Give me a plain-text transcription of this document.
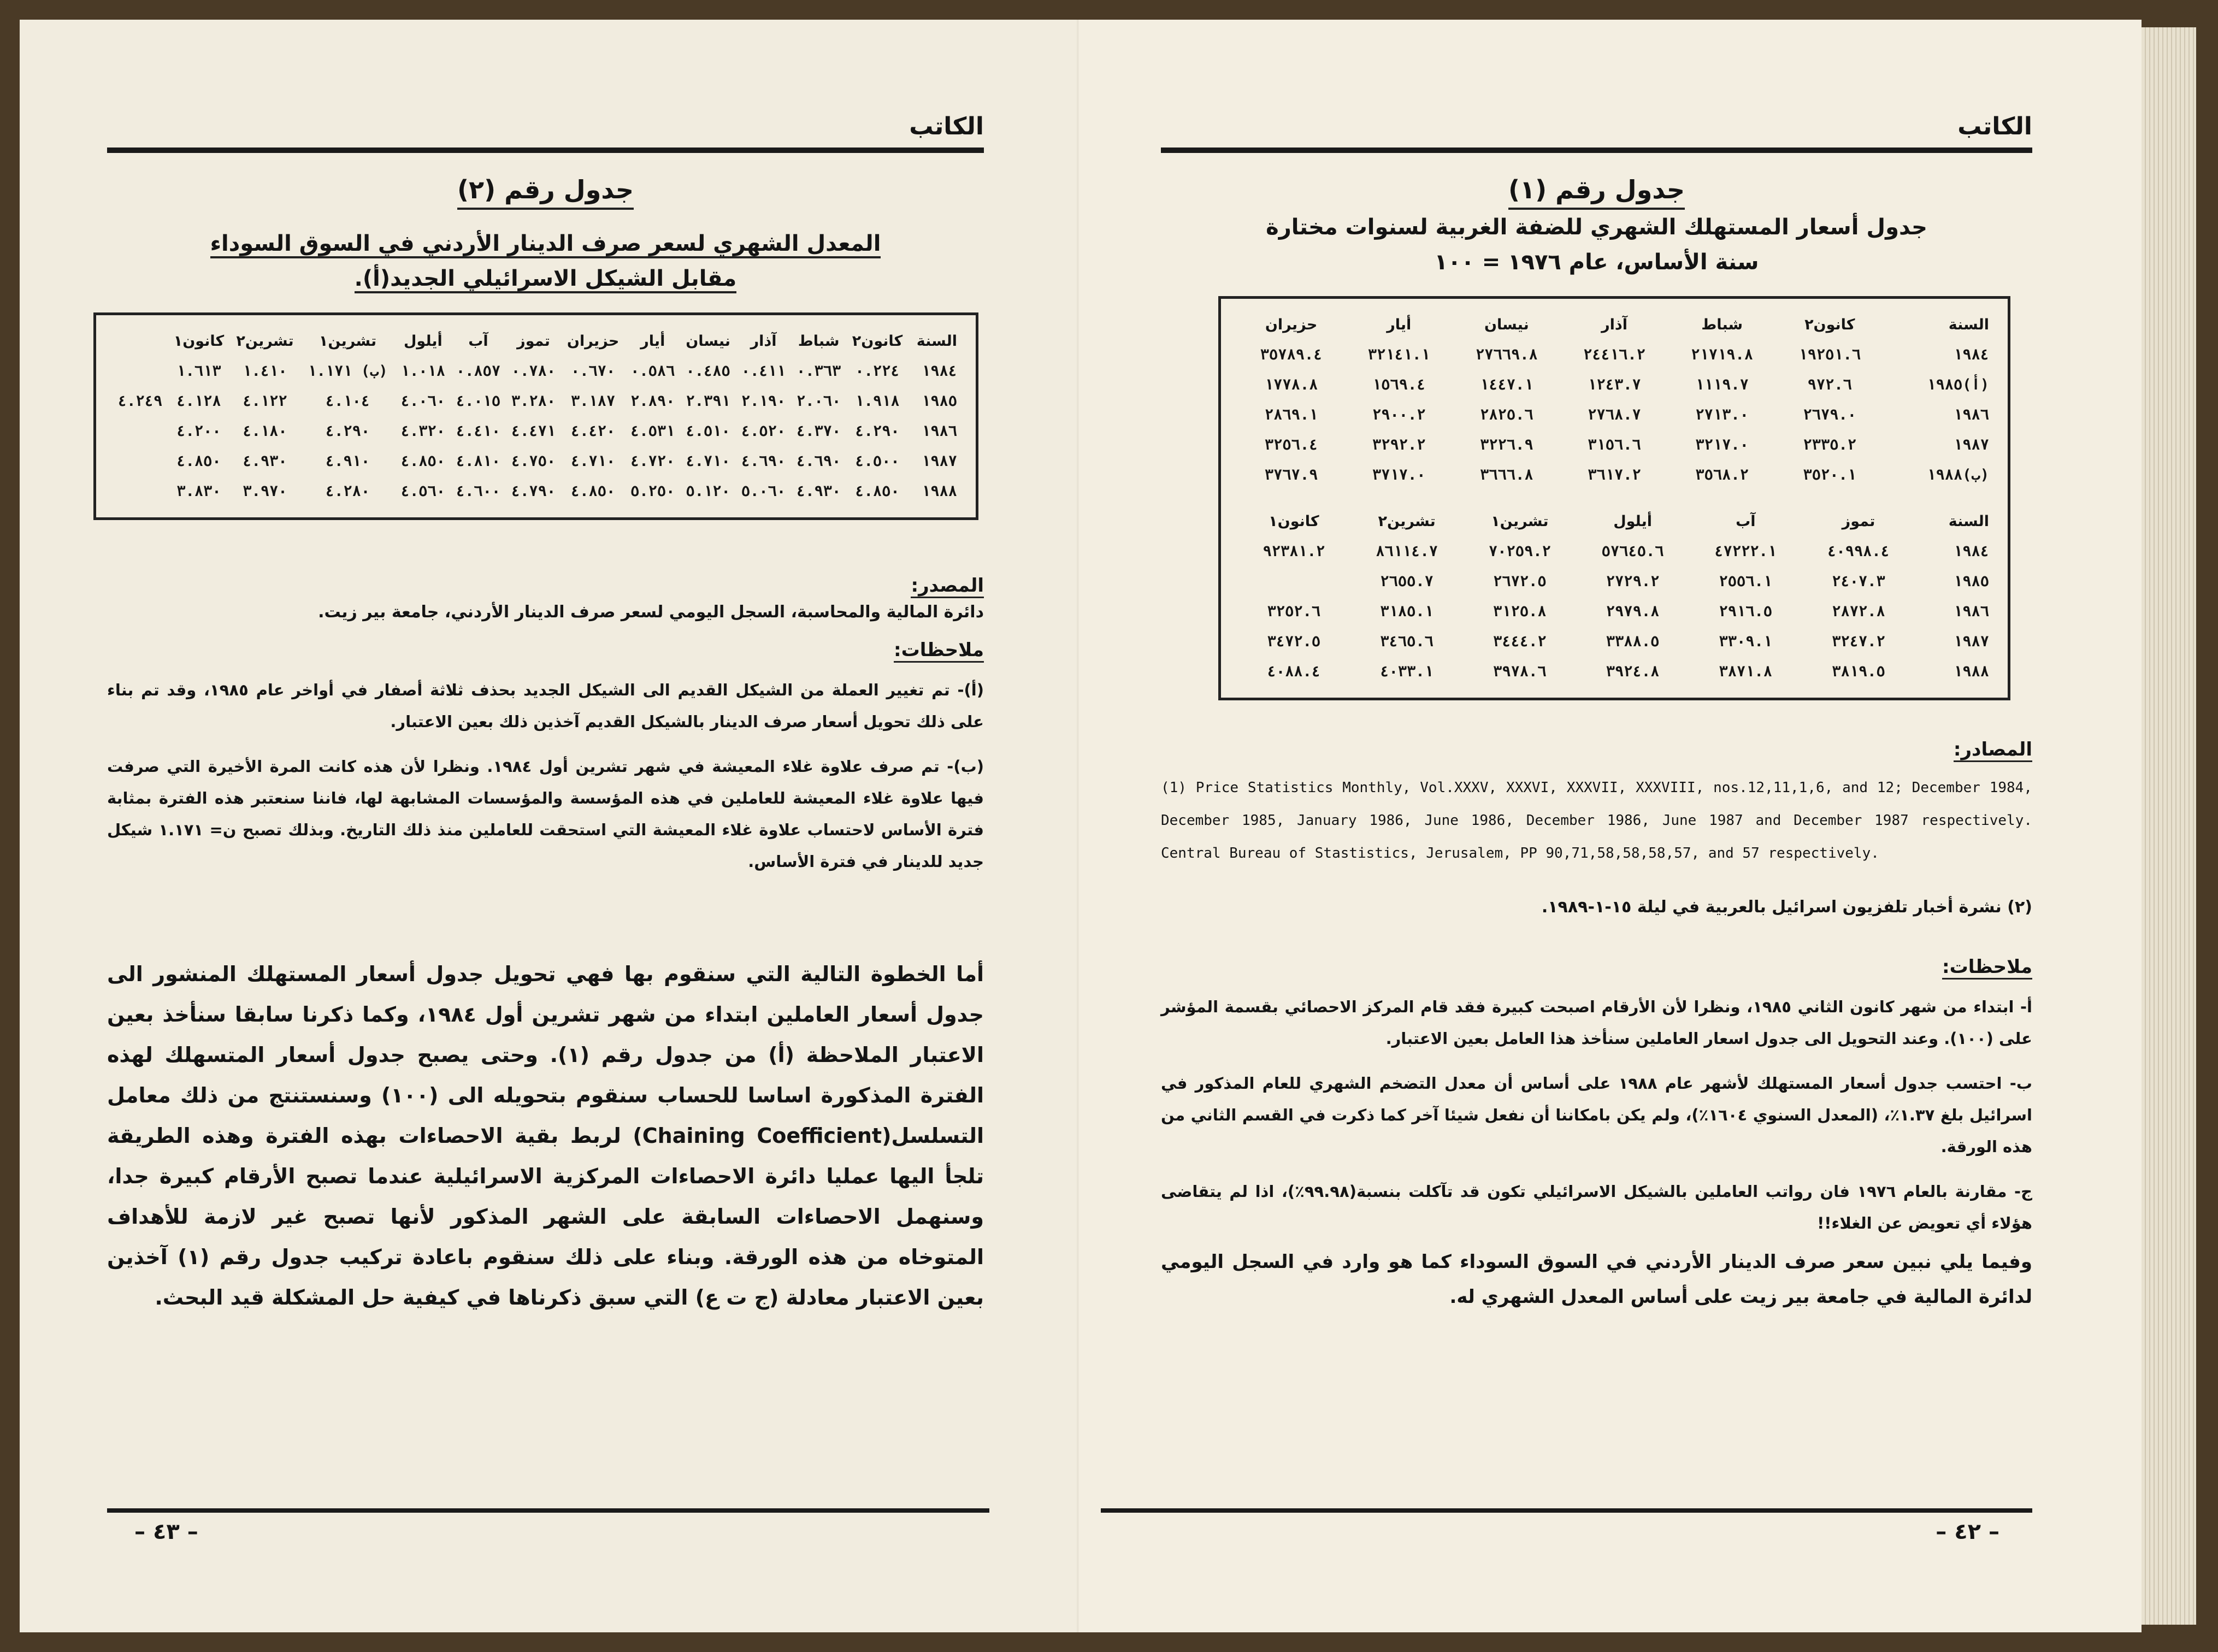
الكاتب
جدول رقم (٢)

المعدل الشهري لسعر صرف الدينار الأردني في السوق السوداء

مقابل الشيكل الاسرائيلي الجديد(أ).

السنة	كانون٢	شباط	آذار	نيسان	أيار	حزيران	تموز	آب	أيلول	تشرين١	تشرين٢	كانون١	
١٩٨٤	٠.٢٢٤	٠.٣٦٣	٠.٤١١	٠.٤٨٥	٠.٥٨٦	٠.٦٧٠	٠.٧٨٠	٠.٨٥٧	١.٠١٨	(ب) ١.١٧١	١.٤١٠	١.٦١٣	
١٩٨٥	١.٩١٨	٢.٠٦٠	٢.١٩٠	٢.٣٩١	٢.٨٩٠	٣.١٨٧	٣.٢٨٠	٤.٠١٥	٤.٠٦٠	٤.١٠٤	٤.١٢٢	٤.١٢٨	٤.٢٤٩
١٩٨٦	٤.٢٩٠	٤.٣٧٠	٤.٥٢٠	٤.٥١٠	٤.٥٣١	٤.٤٢٠	٤.٤٧١	٤.٤١٠	٤.٣٢٠	٤.٢٩٠	٤.١٨٠	٤.٢٠٠	
١٩٨٧	٤.٥٠٠	٤.٦٩٠	٤.٦٩٠	٤.٧١٠	٤.٧٢٠	٤.٧١٠	٤.٧٥٠	٤.٨١٠	٤.٨٥٠	٤.٩١٠	٤.٩٣٠	٤.٨٥٠	
١٩٨٨	٤.٨٥٠	٤.٩٣٠	٥.٠٦٠	٥.١٢٠	٥.٢٥٠	٤.٨٥٠	٤.٧٩٠	٤.٦٠٠	٤.٥٦٠	٤.٢٨٠	٣.٩٧٠	٣.٨٣٠	
المصدر:
دائرة المالية والمحاسبة، السجل اليومي لسعر صرف الدينار الأردني، جامعة بير زيت.
ملاحظات:
(أ)- تم تغيير العملة من الشيكل القديم الى الشيكل الجديد بحذف ثلاثة أصفار في أواخر عام ١٩٨٥، وقد تم بناء على ذلك تحويل أسعار صرف الدينار بالشيكل القديم آخذين ذلك بعين الاعتبار.
(ب)- تم صرف علاوة غلاء المعيشة في شهر تشرين أول ١٩٨٤. ونظرا لأن هذه كانت المرة الأخيرة التي صرفت فيها علاوة غلاء المعيشة للعاملين في هذه المؤسسة والمؤسسات المشابهة لها، فاننا سنعتبر هذه الفترة بمثابة فترة الأساس لاحتساب علاوة غلاء المعيشة التي استحقت للعاملين منذ ذلك التاريخ. وبذلك تصبح ن= ١.١٧١ شيكل جديد للدينار في فترة الأساس.
أما الخطوة التالية التي سنقوم بها فهي تحويل جدول أسعار المستهلك المنشور الى جدول أسعار العاملين ابتداء من شهر تشرين أول ١٩٨٤، وكما ذكرنا سابقا سنأخذ بعين الاعتبار الملاحظة (أ) من جدول رقم (١). وحتى يصبح جدول أسعار المتسهلك لهذه الفترة المذكورة اساسا للحساب سنقوم بتحويله الى (١٠٠) وسنستنتج من ذلك معامل التسلسل(Chaining Coefficient) لربط بقية الاحصاءات بهذه الفترة وهذه الطريقة تلجأ اليها عمليا دائرة الاحصاءات المركزية الاسرائيلية عندما تصبح الأرقام كبيرة جدا، وسنهمل الاحصاءات السابقة على الشهر المذكور لأنها تصبح غير لازمة للأهداف المتوخاه من هذه الورقة. وبناء على ذلك سنقوم باعادة تركيب جدول رقم (١) آخذين بعين الاعتبار معادلة (ج ت ع) التي سبق ذكرناها في كيفية حل المشكلة قيد البحث.
– ٤٣ –
الكاتب
جدول رقم (١)

جدول أسعار المستهلك الشهري للضفة الغربية لسنوات مختارة

سنة الأساس، عام ١٩٧٦ = ١٠٠

السنة	كانون٢	شباط	آذار	نيسان	أيار	حزيران
١٩٨٤	١٩٢٥١.٦	٢١٧١٩.٨	٢٤٤١٦.٢	٢٧٦٦٩.٨	٣٢١٤١.١	٣٥٧٨٩.٤
(أ)١٩٨٥	٩٧٢.٦	١١١٩.٧	١٢٤٣.٧	١٤٤٧.١	١٥٦٩.٤	١٧٧٨.٨
١٩٨٦	٢٦٧٩.٠	٢٧١٣.٠	٢٧٦٨.٧	٢٨٢٥.٦	٢٩٠٠.٢	٢٨٦٩.١
١٩٨٧	٢٣٣٥.٢	٣٢١٧.٠	٣١٥٦.٦	٣٢٢٦.٩	٣٢٩٢.٢	٣٢٥٦.٤
(ب)١٩٨٨	٣٥٢٠.١	٣٥٦٨.٢	٣٦١٧.٢	٣٦٦٦.٨	٣٧١٧.٠	٣٧٦٧.٩
السنة	تموز	آب	أيلول	تشرين١	تشرين٢	كانون١
١٩٨٤	٤٠٩٩٨.٤	٤٧٢٢٢.١	٥٧٦٤٥.٦	٧٠٢٥٩.٢	٨٦١١٤.٧	٩٢٣٨١.٢
١٩٨٥	٢٤٠٧.٣	٢٥٥٦.١	٢٧٢٩.٢	٢٦٧٢.٥	٢٦٥٥.٧	
١٩٨٦	٢٨٧٢.٨	٢٩١٦.٥	٢٩٧٩.٨	٣١٢٥.٨	٣١٨٥.١	٣٢٥٢.٦
١٩٨٧	٣٢٤٧.٢	٣٣٠٩.١	٣٣٨٨.٥	٣٤٤٤.٢	٣٤٦٥.٦	٣٤٧٢.٥
١٩٨٨	٣٨١٩.٥	٣٨٧١.٨	٣٩٢٤.٨	٣٩٧٨.٦	٤٠٣٣.١	٤٠٨٨.٤
المصادر:
(1) Price Statistics Monthly, Vol.XXXV, XXXVI, XXXVII, XXXVIII, nos.12,11,1,6, and 12; December 1984, December 1985, January 1986, June 1986, December 1986, June 1987 and December 1987 respectively. Central Bureau of Stastistics, Jerusalem, PP 90,71,58,58,58,57, and 57 respectively.
(٢) نشرة أخبار تلفزيون اسرائيل بالعربية في ليلة ١٥-١-١٩٨٩.
ملاحظات:
أ- ابتداء من شهر كانون الثاني ١٩٨٥، ونظرا لأن الأرقام اصبحت كبيرة فقد قام المركز الاحصائي بقسمة المؤشر على (١٠٠). وعند التحويل الى جدول اسعار العاملين سنأخذ هذا العامل بعين الاعتبار.
ب- احتسب جدول أسعار المستهلك لأشهر عام ١٩٨٨ على أساس أن معدل التضخم الشهري للعام المذكور في اسرائيل بلغ ١.٣٧٪، (المعدل السنوي ١٦٠٤٪)، ولم يكن بامكاننا أن نفعل شيئا آخر كما ذكرت في القسم الثاني من هذه الورقة.
ج- مقارنة بالعام ١٩٧٦ فان رواتب العاملين بالشيكل الاسرائيلي تكون قد تآكلت بنسبة(٩٩.٩٨٪)، اذا لم يتقاضى هؤلاء أي تعويض عن الغلاء!!
وفيما يلي نبين سعر صرف الدينار الأردني في السوق السوداء كما هو وارد في السجل اليومي لدائرة المالية في جامعة بير زيت على أساس المعدل الشهري له.
– ٤٢ –
